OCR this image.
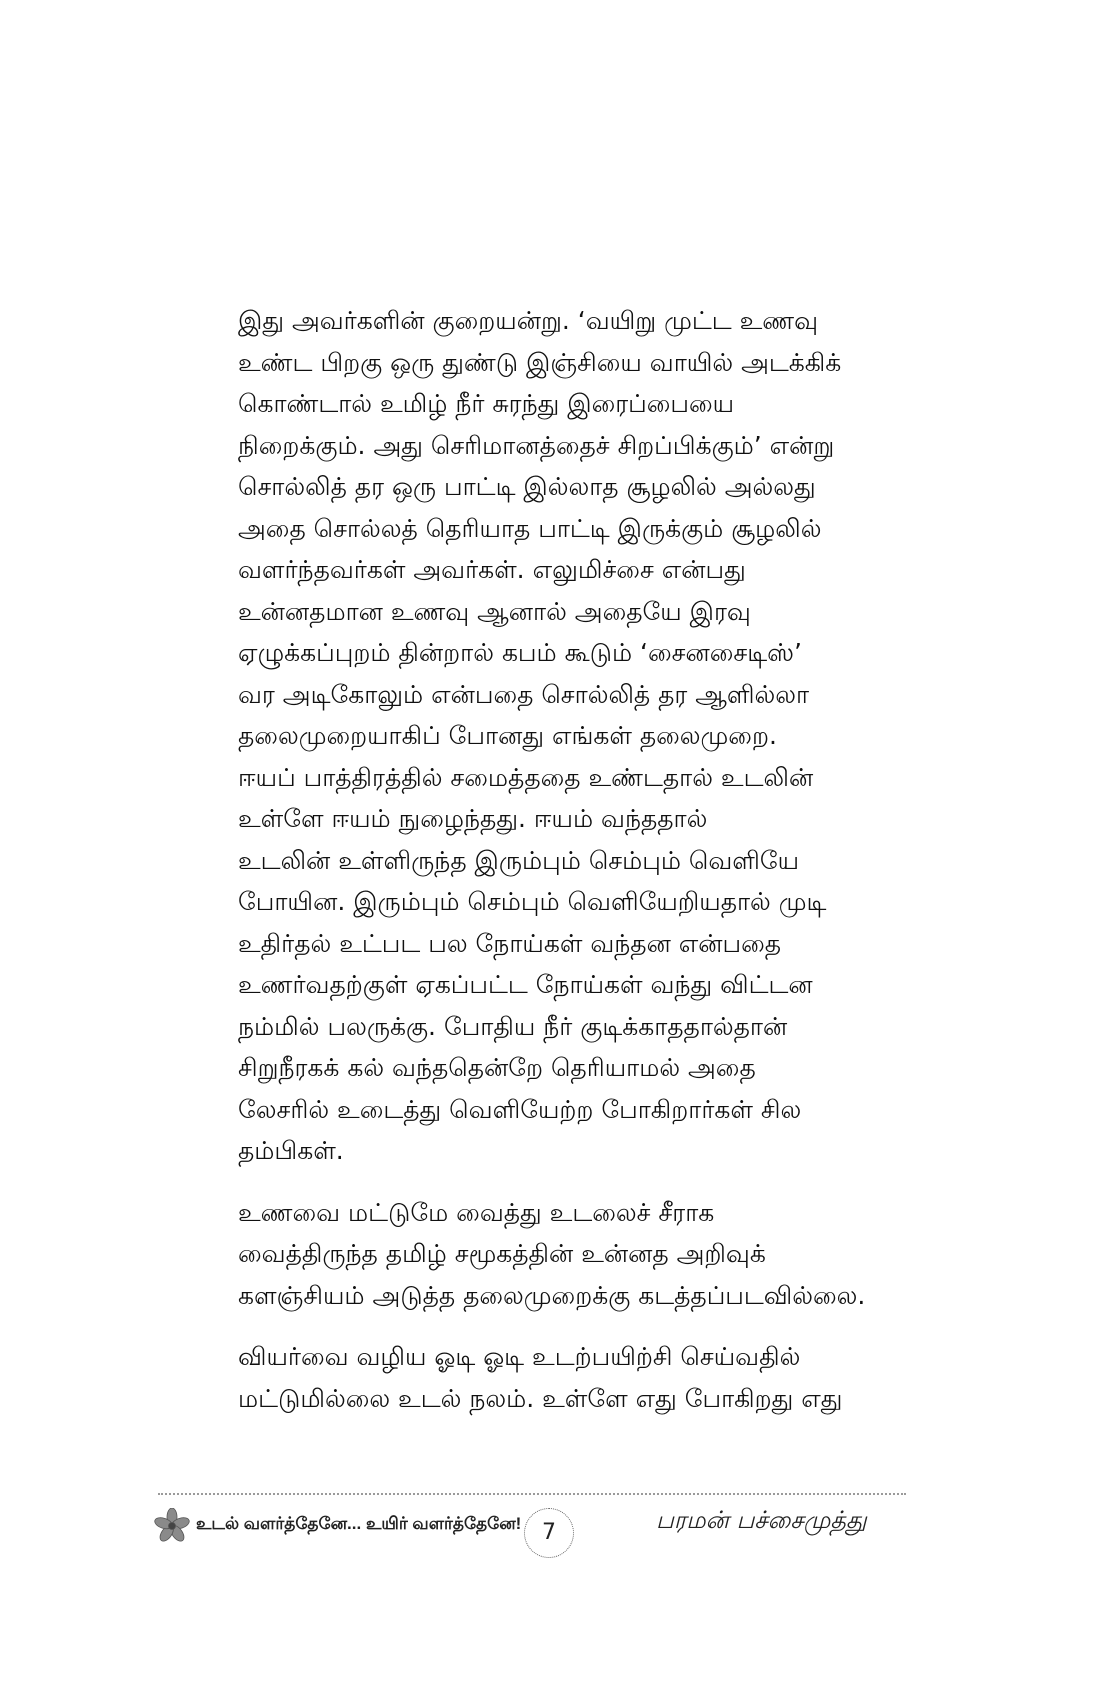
இது அவர்களின் குறையன்று. ‘வயிறு முட்ட உணவு
உண்ட பிறகு ஒரு துண்டு இஞ்சியை வாயில் அடக்கிக்
கொண்டால் உமிழ் நீர் சுரந்து இரைப்பையை
நிறைக்கும். அது செரிமானத்தைச் சிறப்பிக்கும்’ என்று
சொல்லித் தர ஒரு பாட்டி இல்லாத சூழலில் அல்லது
அதை சொல்லத் தெரியாத பாட்டி இருக்கும் சூழலில்
வளர்ந்தவர்கள் அவர்கள். எலுமிச்சை என்பது
உன்னதமான உணவு ஆனால் அதையே இரவு
ஏழுக்கப்புறம் தின்றால் கபம் கூடும் ‘சைனசைடிஸ்’
வர அடிகோலும் என்பதை சொல்லித் தர ஆளில்லா
தலைமுறையாகிப் போனது எங்கள் தலைமுறை.
ஈயப் பாத்திரத்தில் சமைத்ததை உண்டதால் உடலின்
உள்ளே ஈயம் நுழைந்தது. ஈயம் வந்ததால்
உடலின் உள்ளிருந்த இரும்பும் செம்பும் வெளியே
போயின. இரும்பும் செம்பும் வெளியேறியதால் முடி
உதிர்தல் உட்பட பல நோய்கள் வந்தன என்பதை
உணர்வதற்குள் ஏகப்பட்ட நோய்கள் வந்து விட்டன
நம்மில் பலருக்கு. போதிய நீர் குடிக்காததால்தான்
சிறுநீரகக் கல் வந்ததென்றே தெரியாமல் அதை
லேசரில் உடைத்து வெளியேற்ற போகிறார்கள் சில
தம்பிகள்.
உணவை மட்டுமே வைத்து உடலைச் சீராக
வைத்திருந்த தமிழ் சமூகத்தின் உன்னத அறிவுக்
களஞ்சியம் அடுத்த தலைமுறைக்கு கடத்தப்படவில்லை.
வியர்வை வழிய ஓடி ஓடி உடற்பயிற்சி செய்வதில்
மட்டுமில்லை உடல் நலம். உள்ளே எது போகிறது எது
உடல் வளர்த்தேனே... உயிர் வளர்த்தேனே! 7	பரமன் பச்சைமுத்து
